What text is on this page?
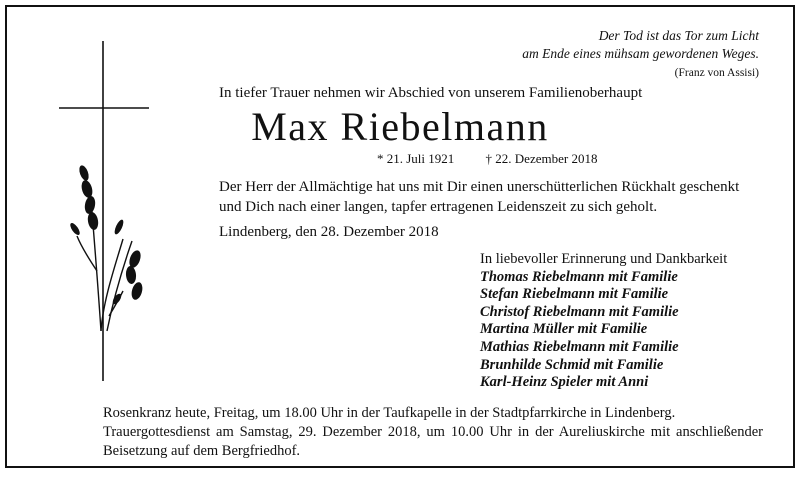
Der Tod ist das Tor zum Licht
am Ende eines mühsam gewordenen Weges.
(Franz von Assisi)
In tiefer Trauer nehmen wir Abschied von unserem Familienoberhaupt
Max Riebelmann
* 21. Juli 1921 † 22. Dezember 2018
Der Herr der Allmächtige hat uns mit Dir einen unerschütterlichen Rückhalt geschenkt
und Dich nach einer langen, tapfer ertragenen Leidenszeit zu sich geholt.
Lindenberg, den 28. Dezember 2018
In liebevoller Erinnerung und Dankbarkeit
Thomas Riebelmann mit Familie
Stefan Riebelmann mit Familie
Christof Riebelmann mit Familie
Martina Müller mit Familie
Mathias Riebelmann mit Familie
Brunhilde Schmid mit Familie
Karl-Heinz Spieler mit Anni
Rosenkranz heute, Freitag, um 18.00 Uhr in der Taufkapelle in der Stadtpfarrkirche in Lindenberg.
Trauergottesdienst am Samstag, 29. Dezember 2018, um 10.00 Uhr in der Aureliuskirche mit anschließender
Beisetzung auf dem Bergfriedhof.
